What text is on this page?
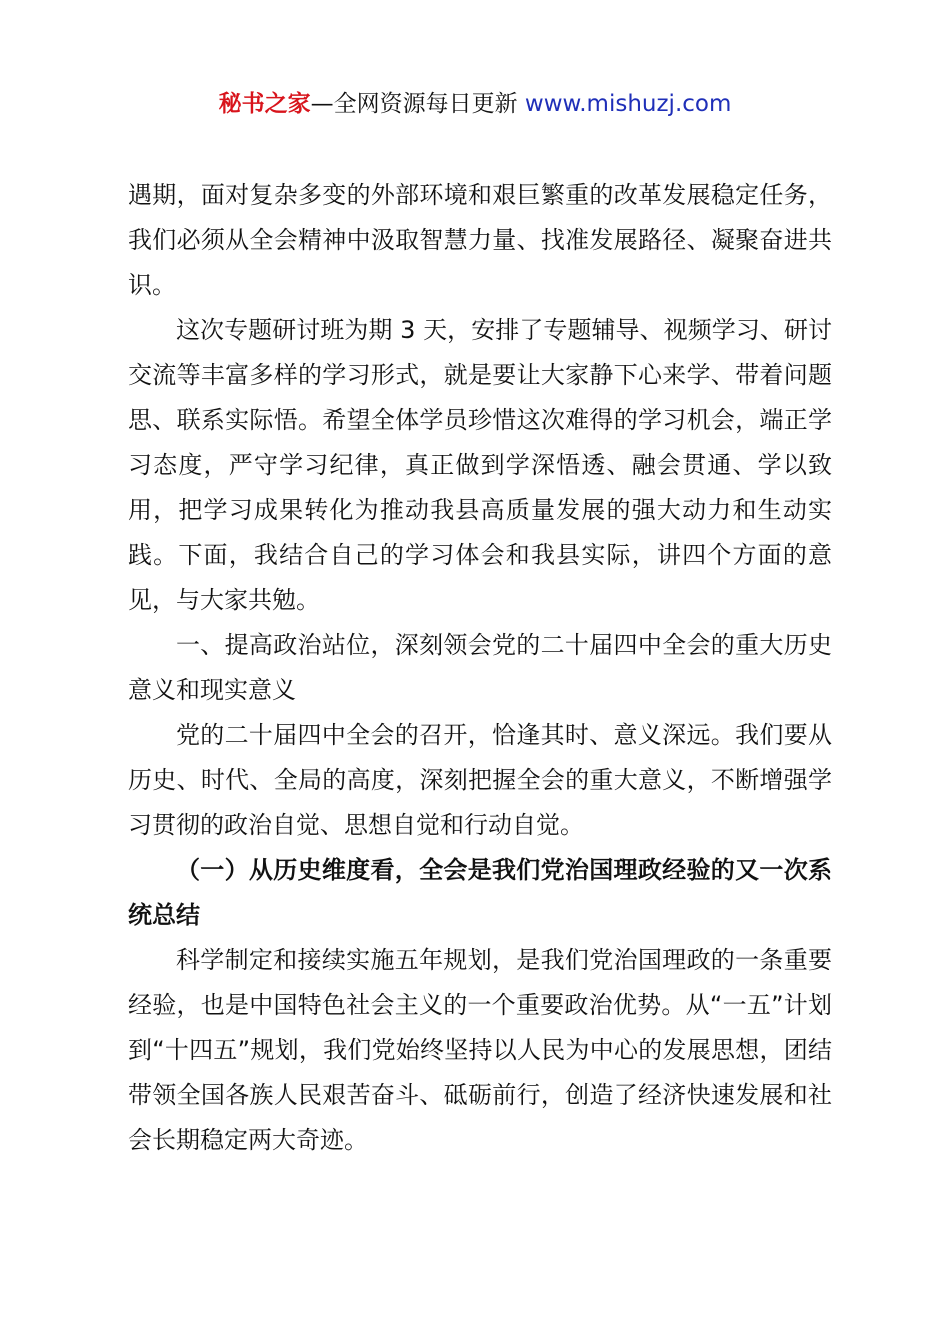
秘书之家—全网资源每日更新 www.mishuzj.com

遇期，面对复杂多变的外部环境和艰巨繁重的改革发展稳定任务，我们必须从全会精神中汲取智慧力量、找准发展路径、凝聚奋进共识。

这次专题研讨班为期 3 天，安排了专题辅导、视频学习、研讨交流等丰富多样的学习形式，就是要让大家静下心来学、带着问题思、联系实际悟。希望全体学员珍惜这次难得的学习机会，端正学习态度，严守学习纪律，真正做到学深悟透、融会贯通、学以致用，把学习成果转化为推动我县高质量发展的强大动力和生动实践。下面，我结合自己的学习体会和我县实际，讲四个方面的意见，与大家共勉。

一、提高政治站位，深刻领会党的二十届四中全会的重大历史意义和现实意义

党的二十届四中全会的召开，恰逢其时、意义深远。我们要从历史、时代、全局的高度，深刻把握全会的重大意义，不断增强学习贯彻的政治自觉、思想自觉和行动自觉。

（一）从历史维度看，全会是我们党治国理政经验的又一次系统总结

科学制定和接续实施五年规划，是我们党治国理政的一条重要经验，也是中国特色社会主义的一个重要政治优势。从“一五”计划到“十四五”规划，我们党始终坚持以人民为中心的发展思想，团结带领全国各族人民艰苦奋斗、砥砺前行，创造了经济快速发展和社会长期稳定两大奇迹。
